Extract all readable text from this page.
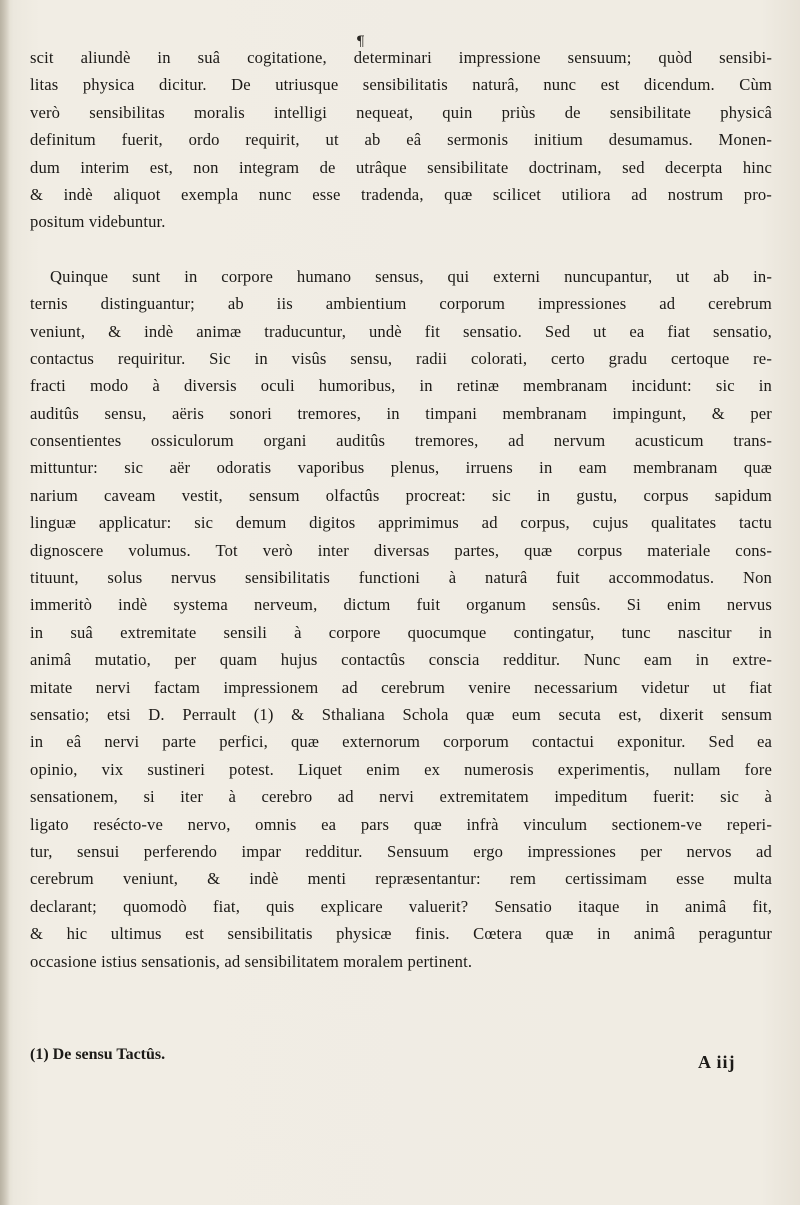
¶
scit aliundè in suâ cogitatione, determinari impressione sensuum; quòd sensibi-
litas physica dicitur. De utriusque sensibilitatis naturâ, nunc est dicendum. Cùm
verò sensibilitas moralis intelligi nequeat, quin priùs de sensibilitate physicâ
definitum fuerit, ordo requirit, ut ab eâ sermonis initium desumamus. Monen-
dum interim est, non integram de utrâque sensibilitate doctrinam, sed decerpta hinc
& indè aliquot exempla nunc esse tradenda, quæ scilicet utiliora ad nostrum pro-
positum videbuntur.
Quinque sunt in corpore humano sensus, qui externi nuncupantur, ut ab in-
ternis distinguantur; ab iis ambientium corporum impressiones ad cerebrum
veniunt, & indè animæ traducuntur, undè fit sensatio. Sed ut ea fiat sensatio,
contactus requiritur. Sic in visûs sensu, radii colorati, certo gradu certoque re-
fracti modo à diversis oculi humoribus, in retinæ membranam incidunt: sic in
auditûs sensu, aëris sonori tremores, in timpani membranam impingunt, & per
consentientes ossiculorum organi auditûs tremores, ad nervum acusticum trans-
mittuntur: sic aër odoratis vaporibus plenus, irruens in eam membranam quæ
narium caveam vestit, sensum olfactûs procreat: sic in gustu, corpus sapidum
linguæ applicatur: sic demum digitos apprimimus ad corpus, cujus qualitates tactu
dignoscere volumus. Tot verò inter diversas partes, quæ corpus materiale cons-
tituunt, solus nervus sensibilitatis functioni à naturâ fuit accommodatus. Non
immeritò indè systema nerveum, dictum fuit organum sensûs. Si enim nervus
in suâ extremitate sensili à corpore quocumque contingatur, tunc nascitur in
animâ mutatio, per quam hujus contactûs conscia redditur. Nunc eam in extre-
mitate nervi factam impressionem ad cerebrum venire necessarium videtur ut fiat
sensatio; etsi D. Perrault (1) & Sthaliana Schola quæ eum secuta est, dixerit sensum
in eâ nervi parte perfici, quæ externorum corporum contactui exponitur. Sed ea
opinio, vix sustineri potest. Liquet enim ex numerosis experimentis, nullam fore
sensationem, si iter à cerebro ad nervi extremitatem impeditum fuerit: sic à
ligato resécto-ve nervo, omnis ea pars quæ infrà vinculum sectionem-ve reperi-
tur, sensui perferendo impar redditur. Sensuum ergo impressiones per nervos ad
cerebrum veniunt, & indè menti repræsentantur: rem certissimam esse multa
declarant; quomodò fiat, quis explicare valuerit? Sensatio itaque in animâ fit,
& hic ultimus est sensibilitatis physicæ finis. Cœtera quæ in animâ peraguntur
occasione istius sensationis, ad sensibilitatem moralem pertinent.
(1) De sensu Tactûs.	A iij
